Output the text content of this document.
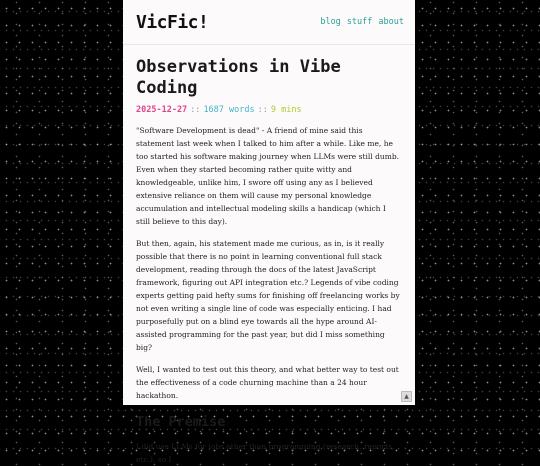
VicFic!	blog stuff about
Observations in Vibe Coding
2025-12-27 :: 1687 words :: 9 mins

"Software Development is dead" - A friend of mine said this statement last week when I talked to him after a while. Like me, he too started his software making journey when LLMs were still dumb. Even when they started becoming rather quite witty and knowledgeable, unlike him, I swore off using any as I believed extensive reliance on them will cause my personal knowledge accumulation and intellectual modeling skills a handicap (which I still believe to this day).

But then, again, his statement made me curious, as in, is it really possible that there is no point in learning conventional full stack development, reading through the docs of the latest JavaScript framework, figuring out API integration etc.? Legends of vibe coding experts getting paid hefty sums for finishing off freelancing works by not even writing a single line of code was especially enticing. I had purposefully put on a blind eye towards all the hype around AI-assisted programming for the past year, but did I miss something big?

Well, I wanted to test out this theory, and what better way to test out the effectiveness of a code churning machine than a 24 hour hackathon.

The Premise

I did use LLMs for jobs other than programming (research, reports, etc.), so I

▲
